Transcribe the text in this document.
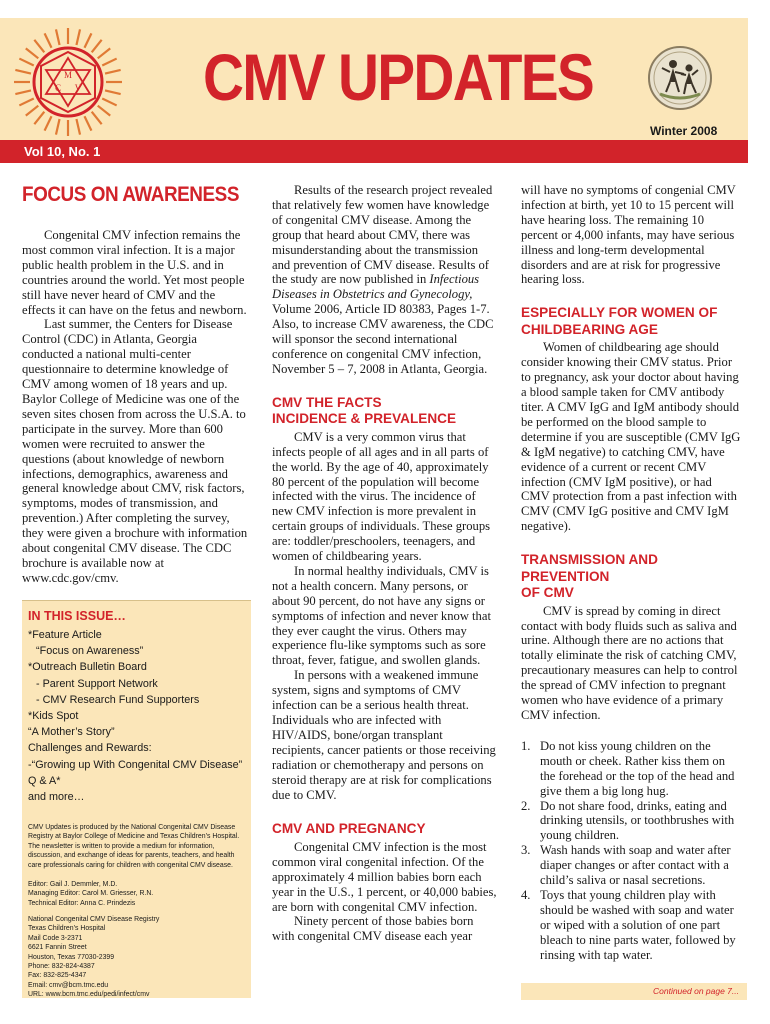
M
C V CMV UPDATES
Winter 2008
Vol 10, No. 1
FOCUS ON AWARENESS

Congenital CMV infection remains the most common viral infection. It is a major public health problem in the U.S. and in countries around the world. Yet most people still have never heard of CMV and the effects it can have on the fetus and newborn.

Last summer, the Centers for Disease Control (CDC) in Atlanta, Georgia conducted a national multi-center questionnaire to determine knowledge of CMV among women of 18 years and up. Baylor College of Medicine was one of the seven sites chosen from across the U.S.A. to participate in the survey. More than 600 women were recruited to answer the questions (about knowledge of newborn infections, demographics, awareness and general knowledge about CMV, risk factors, symptoms, modes of transmission, and prevention.) After completing the survey, they were given a brochure with information about congenital CMV disease. The CDC brochure is available now at www.cdc.gov/cmv.

IN THIS ISSUE…
*Feature Article
“Focus on Awareness”
*Outreach Bulletin Board
- Parent Support Network
- CMV Research Fund Supporters
*Kids Spot
“A Mother’s Story”
Challenges and Rewards:
-“Growing up With Congenital CMV Disease”
Q & A*
and more…
CMV Updates is produced by the National Congenital CMV Disease
Registry at Baylor College of Medicine and Texas Children’s Hospital.
The newsletter is written to provide a medium for information,
discussion, and exchange of ideas for parents, teachers, and health
care professionals caring for children with congenital CMV disease.
Editor: Gail J. Demmler, M.D.
Managing Editor: Carol M. Griesser, R.N.
Technical Editor: Anna C. Prindezis
National Congenital CMV Disease Registry
Texas Children’s Hospital
Mail Code 3-2371
6621 Fannin Street
Houston, Texas 77030-2399
Phone: 832-824-4387
Fax: 832-825-4347
Email: cmv@bcm.tmc.edu
URL: www.bcm.tmc.edu/pedi/infect/cmv

Results of the research project revealed that relatively few women have knowledge of congenital CMV disease. Among the group that heard about CMV, there was misunderstanding about the transmission and prevention of CMV disease. Results of the study are now published in Infectious Diseases in Obstetrics and Gynecology, Volume 2006, Article ID 80383, Pages 1-7. Also, to increase CMV awareness, the CDC will sponsor the second international conference on congenital CMV infection, November 5 – 7, 2008 in Atlanta, Georgia.

CMV THE FACTS
INCIDENCE & PREVALENCE

CMV is a very common virus that infects people of all ages and in all parts of the world. By the age of 40, approximately 80 percent of the population will become infected with the virus. The incidence of new CMV infection is more prevalent in certain groups of individuals. These groups are: toddler/preschoolers, teenagers, and women of childbearing years.

In normal healthy individuals, CMV is not a health concern. Many persons, or about 90 percent, do not have any signs or symptoms of infection and never know that they ever caught the virus. Others may experience flu-like symptoms such as sore throat, fever, fatigue, and swollen glands.

In persons with a weakened immune system, signs and symptoms of CMV infection can be a serious health threat. Individuals who are infected with HIV/AIDS, bone/organ transplant recipients, cancer patients or those receiving radiation or chemotherapy and persons on steroid therapy are at risk for complications due to CMV.

CMV AND PREGNANCY

Congenital CMV infection is the most common viral congenital infection. Of the approximately 4 million babies born each year in the U.S., 1 percent, or 40,000 babies, are born with congenital CMV infection.

Ninety percent of those babies born with congenital CMV disease each year

will have no symptoms of congenial CMV infection at birth, yet 10 to 15 percent will have hearing loss. The remaining 10 percent or 4,000 infants, may have serious illness and long-term developmental disorders and are at risk for progressive hearing loss.

ESPECIALLY FOR WOMEN OF
CHILDBEARING AGE

Women of childbearing age should consider knowing their CMV status. Prior to pregnancy, ask your doctor about having a blood sample taken for CMV antibody titer. A CMV IgG and IgM antibody should be performed on the blood sample to determine if you are susceptible (CMV IgG & IgM negative) to catching CMV, have evidence of a current or recent CMV infection (CMV IgM positive), or had CMV protection from a past infection with CMV (CMV IgG positive and CMV IgM negative).

TRANSMISSION AND PREVENTION
OF CMV

CMV is spread by coming in direct contact with body fluids such as saliva and urine. Although there are no actions that totally eliminate the risk of catching CMV, precautionary measures can help to control the spread of CMV infection to pregnant women who have evidence of a primary CMV infection.

1. Do not kiss young children on the mouth or cheek. Rather kiss them on the forehead or the top of the head and give them a big long hug.
2. Do not share food, drinks, eating and drinking utensils, or toothbrushes with young children.
3. Wash hands with soap and water after diaper changes or after contact with a child’s saliva or nasal secretions.
4. Toys that young children play with should be washed with soap and water or wiped with a solution of one part bleach to nine parts water, followed by rinsing with tap water.
Continued on page 7...
